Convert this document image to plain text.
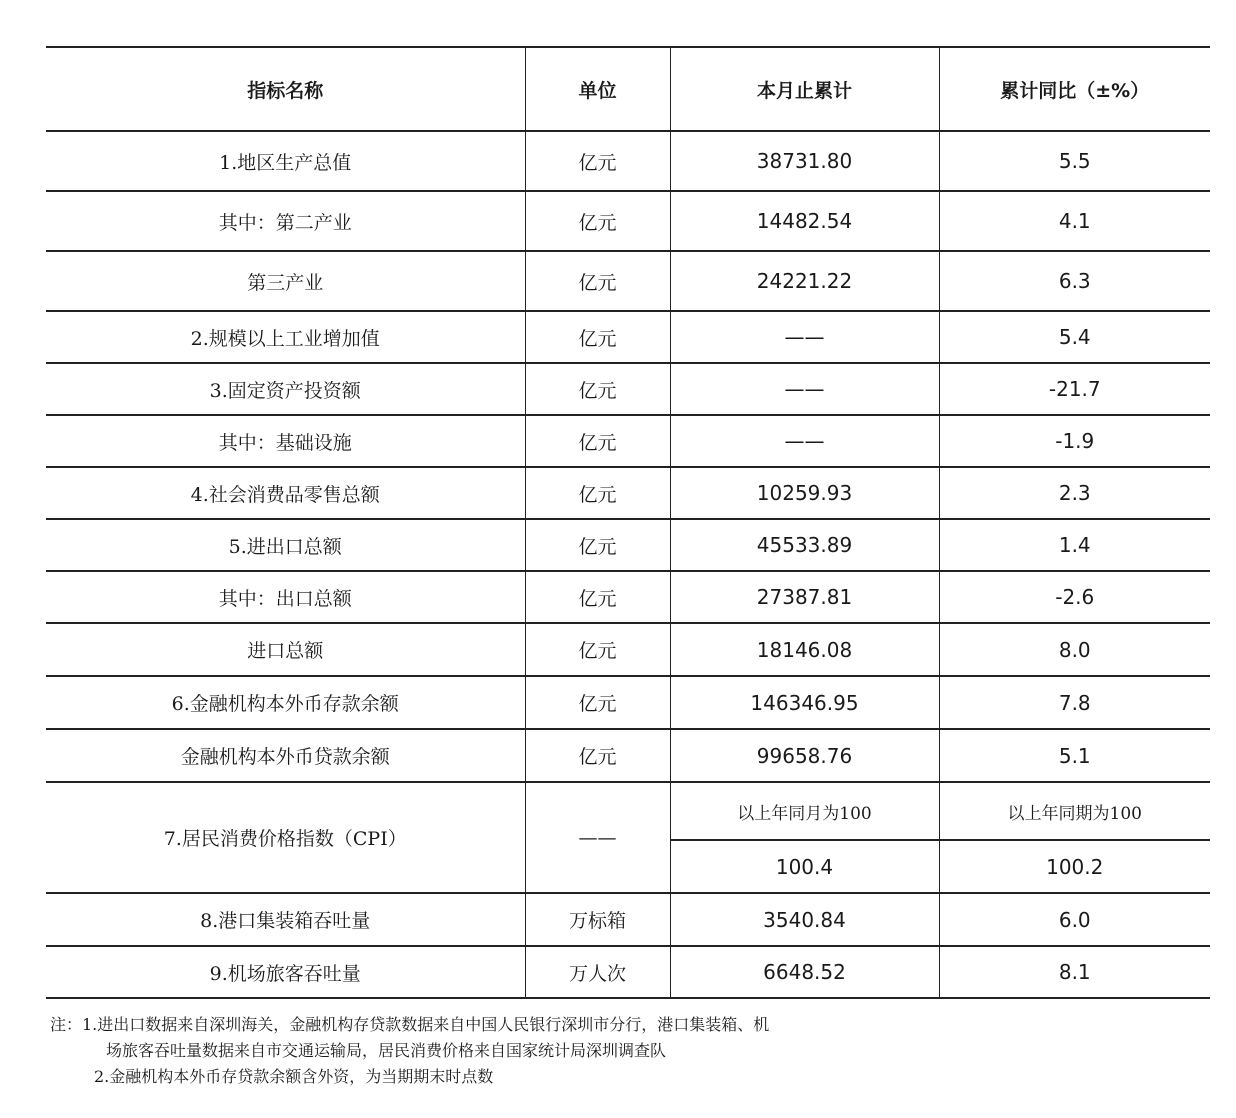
指标名称	单位	本月止累计	累计同比（±%）
1.地区生产总值	亿元	38731.80	5.5
其中：第二产业	亿元	14482.54	4.1
第三产业	亿元	24221.22	6.3
2.规模以上工业增加值	亿元	——	5.4
3.固定资产投资额	亿元	——	-21.7
其中：基础设施	亿元	——	-1.9
4.社会消费品零售总额	亿元	10259.93	2.3
5.进出口总额	亿元	45533.89	1.4
其中：出口总额	亿元	27387.81	-2.6
进口总额	亿元	18146.08	8.0
6.金融机构本外币存款余额	亿元	146346.95	7.8
金融机构本外币贷款余额	亿元	99658.76	5.1
7.居民消费价格指数（CPI）	——	以上年同月为100	以上年同期为100
		100.4	100.2
8.港口集装箱吞吐量	万标箱	3540.84	6.0
9.机场旅客吞吐量	万人次	6648.52	8.1
注：1.进出口数据来自深圳海关，金融机构存贷款数据来自中国人民银行深圳市分行，港口集装箱、机
场旅客吞吐量数据来自市交通运输局，居民消费价格来自国家统计局深圳调查队
2.金融机构本外币存贷款余额含外资，为当期期末时点数
